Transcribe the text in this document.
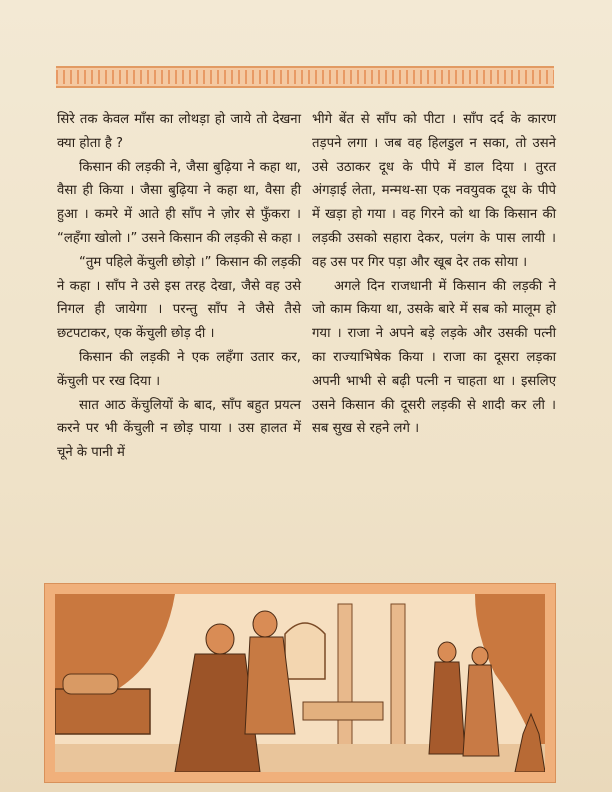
सिरे तक केवल माँस का लोथड़ा हो जाये तो देखना क्या होता है ?

किसान की लड़की ने, जैसा बुढ़िया ने कहा था, वैसा ही किया । जैसा बुढ़िया ने कहा था, वैसा ही हुआ । कमरे में आते ही साँप ने ज़ोर से फुँकरा । “लहँगा खोलो ।” उसने किसान की लड़की से कहा ।

“तुम पहिले केंचुली छोड़ो ।” किसान की लड़की ने कहा । साँप ने उसे इस तरह देखा, जैसे वह उसे निगल ही जायेगा । परन्तु साँप ने जैसे तैसे छटपटाकर, एक केंचुली छोड़ दी ।

किसान की लड़की ने एक लहँगा उतार कर, केंचुली पर रख दिया ।

सात आठ केंचुलियों के बाद, साँप बहुत प्रयत्न करने पर भी केंचुली न छोड़ पाया । उस हालत में चूने के पानी में

भीगे बेंत से साँप को पीटा । साँप दर्द के कारण तड़पने लगा । जब वह हिलडुल न सका, तो उसने उसे उठाकर दूध के पीपे में डाल दिया । तुरत अंगड़ाई लेता, मन्मथ-सा एक नवयुवक दूध के पीपे में खड़ा हो गया । वह गिरने को था कि किसान की लड़की उसको सहारा देकर, पलंग के पास लायी । वह उस पर गिर पड़ा और खूब देर तक सोया ।

अगले दिन राजधानी में किसान की लड़की ने जो काम किया था, उसके बारे में सब को मालूम हो गया । राजा ने अपने बड़े लड़के और उसकी पत्नी का राज्याभिषेक किया । राजा का दूसरा लड़का अपनी भाभी से बढ़ी पत्नी न चाहता था । इसलिए उसने किसान की दूसरी लड़की से शादी कर ली । सब सुख से रहने लगे ।
